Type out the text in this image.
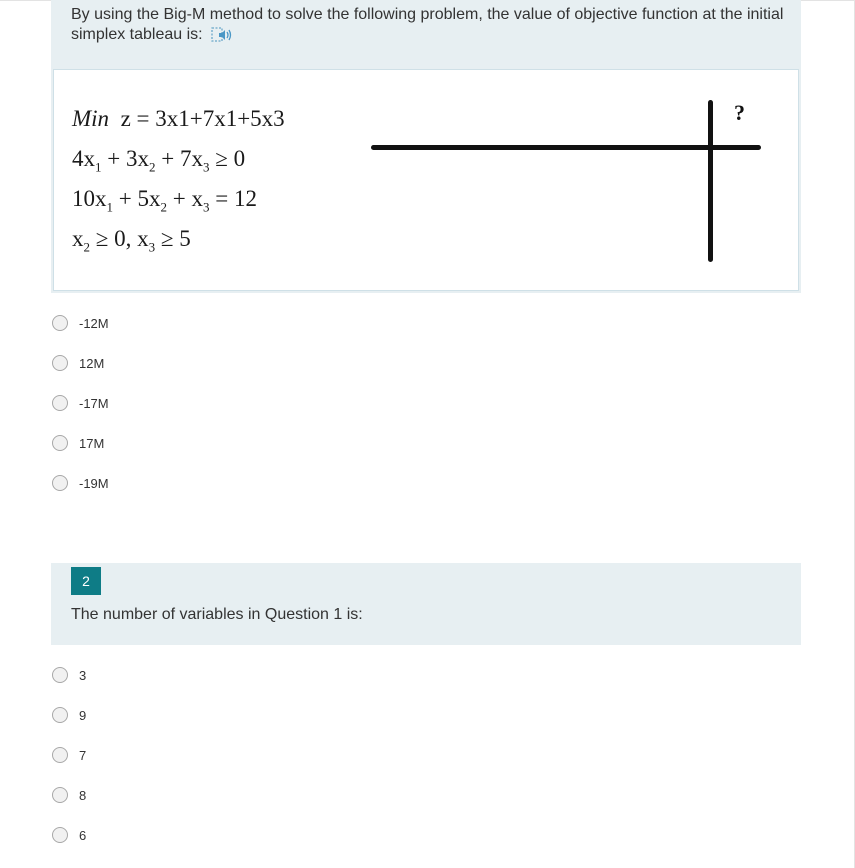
By using the Big-M method to solve the following problem, the value of objective function at the initial simplex tableau is:
Min z = 3x1+7x1+5x3
$4x_1 + 3x_2 + 7x_3 \ge 0$
$10x_1 + 5x_2 + x_3 = 12$
$x_2 \ge 0$, $x_3 \ge 5$
?
-12M
12M
-17M
17M
-19M
2
The number of variables in Question 1 is:
3
9
7
8
6
